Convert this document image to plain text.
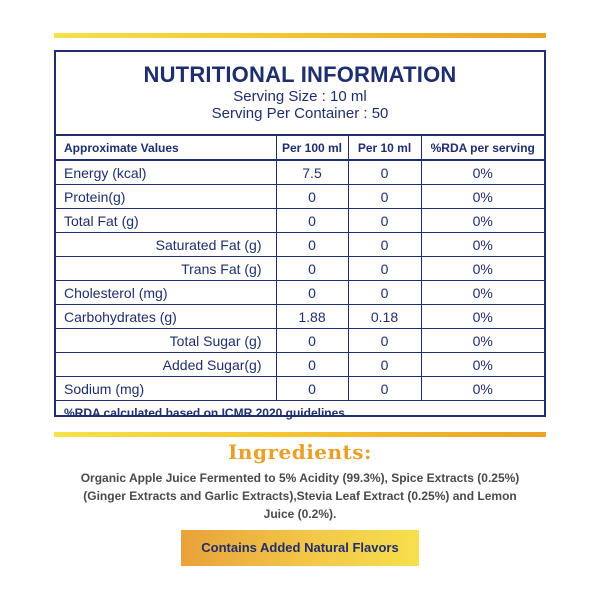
NUTRITIONAL INFORMATION
Serving Size : 10 ml
Serving Per Container : 50
Approximate Values	Per 100 ml	Per 10 ml	%RDA per serving
Energy (kcal)	7.5	0	0%
Protein(g)	0	0	0%
Total Fat (g)	0	0	0%
Saturated Fat (g)	0	0	0%
Trans Fat (g)	0	0	0%
Cholesterol (mg)	0	0	0%
Carbohydrates (g)	1.88	0.18	0%
Total Sugar (g)	0	0	0%
Added Sugar(g)	0	0	0%
Sodium (mg)	0	0	0%
%RDA calculated based on ICMR 2020 guidelines.			
Ingredients:
Organic Apple Juice Fermented to 5% Acidity (99.3%), Spice Extracts (0.25%) (Ginger Extracts and Garlic Extracts),Stevia Leaf Extract (0.25%) and Lemon Juice (0.2%).
Contains Added Natural Flavors
